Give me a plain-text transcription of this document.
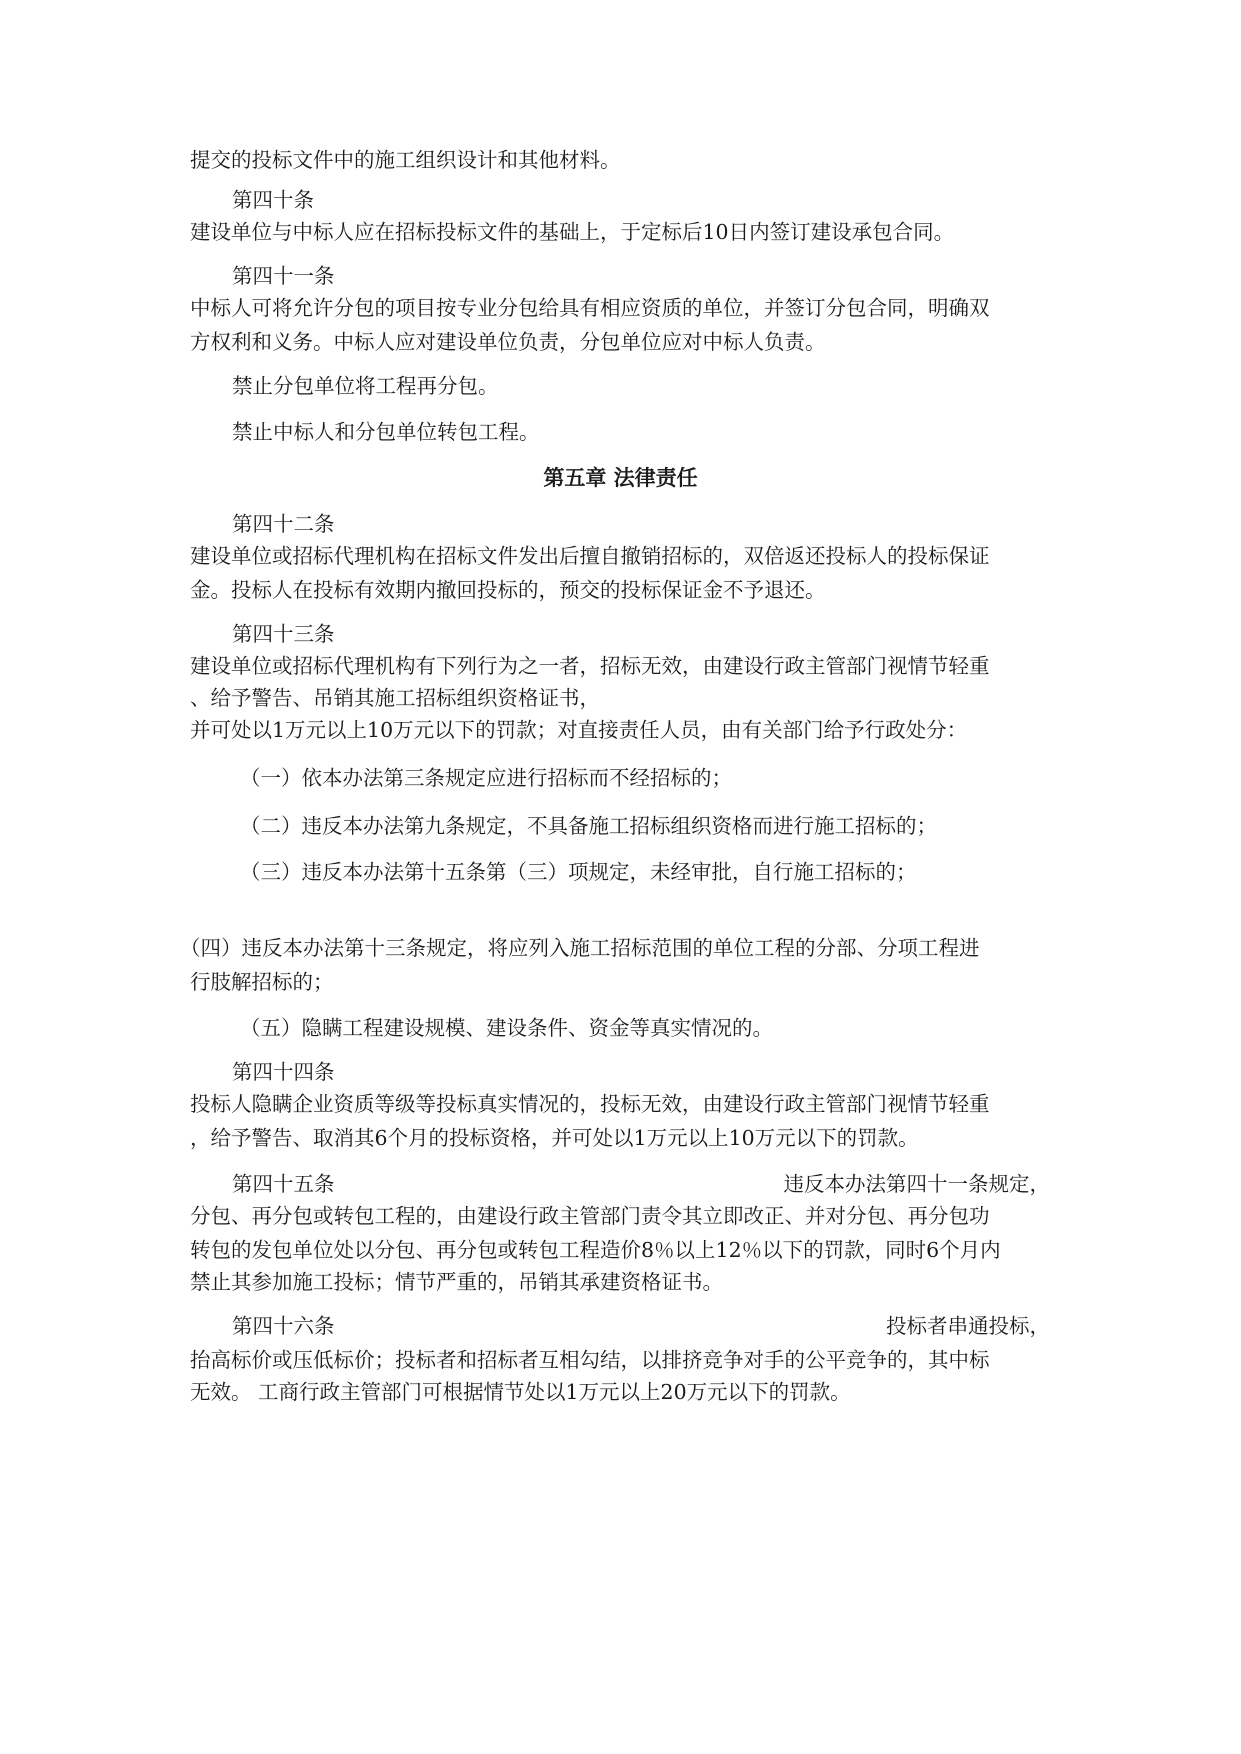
提交的投标文件中的施工组织设计和其他材料。
第四十条
建设单位与中标人应在招标投标文件的基础上，于定标后10日内签订建设承包合同。
第四十一条
中标人可将允许分包的项目按专业分包给具有相应资质的单位，并签订分包合同，明确双
方权利和义务。中标人应对建设单位负责，分包单位应对中标人负责。
禁止分包单位将工程再分包。
禁止中标人和分包单位转包工程。
第五章 法律责任
第四十二条
建设单位或招标代理机构在招标文件发出后擅自撤销招标的，双倍返还投标人的投标保证
金。投标人在投标有效期内撤回投标的，预交的投标保证金不予退还。
第四十三条
建设单位或招标代理机构有下列行为之一者，招标无效，由建设行政主管部门视情节轻重
、给予警告、吊销其施工招标组织资格证书，
并可处以1万元以上10万元以下的罚款；对直接责任人员，由有关部门给予行政处分：
（一）依本办法第三条规定应进行招标而不经招标的；
（二）违反本办法第九条规定，不具备施工招标组织资格而进行施工招标的；
（三）违反本办法第十五条第（三）项规定，未经审批，自行施工招标的；
（四）违反本办法第十三条规定，将应列入施工招标范围的单位工程的分部、分项工程进
行肢解招标的；
（五）隐瞒工程建设规模、建设条件、资金等真实情况的。
第四十四条
投标人隐瞒企业资质等级等投标真实情况的，投标无效，由建设行政主管部门视情节轻重
，给予警告、取消其6个月的投标资格，并可处以1万元以上10万元以下的罚款。
第四十五条	违反本办法第四十一条规定，
分包、再分包或转包工程的，由建设行政主管部门责令其立即改正、并对分包、再分包功
转包的发包单位处以分包、再分包或转包工程造价8％以上12％以下的罚款，同时6个月内
禁止其参加施工投标；情节严重的，吊销其承建资格证书。
第四十六条	投标者串通投标，
抬高标价或压低标价；投标者和招标者互相勾结，以排挤竞争对手的公平竞争的，其中标
无效。 工商行政主管部门可根据情节处以1万元以上20万元以下的罚款。
